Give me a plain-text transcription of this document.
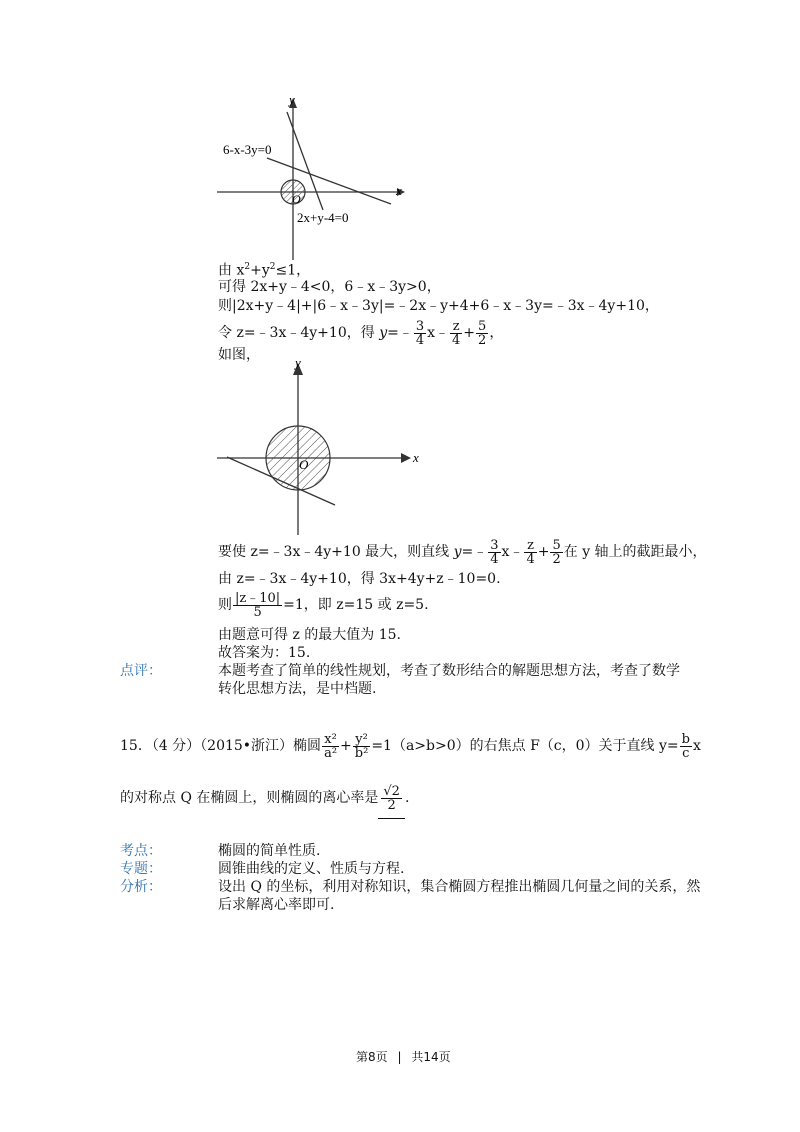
x
y
O
6-x-3y=0
2x+y-4=0
由 $x^2+y^2\le 1$，
可得 2x+y﹣4<0，6﹣x﹣3y>0，
则|2x+y﹣4|+|6﹣x﹣3y|=﹣2x﹣y+4+6﹣x﹣3y=﹣3x﹣4y+10，
令 z=﹣3x﹣4y+10，得 y=﹣ $\frac{3}{4}$ x﹣ $\frac{z}{4} + \frac{5}{2}$ ，
如图，
x
y
O
要使 z=﹣3x﹣4y+10 最大，则直线 y=﹣ $\frac{3}{4}$ x﹣ $\frac{z}{4} + \frac{5}{2}$ 在 y 轴上的截距最小，
由 z=﹣3x﹣4y+10，得 3x+4y+z﹣10=0.
则 $\frac{|z﹣10|}{5} =1$，即 z=15 或 z=5.
由题意可得 z 的最大值为 15.
故答案为：15.
点评：	本题考查了简单的线性规划，考查了数形结合的解题思想方法，考查了数学
转化思想方法，是中档题.
15．（4 分）（2015•浙江）椭圆 $\frac{\text{x²}}{\text{a²}} + \frac{\text{y²}}{\text{b²}} =1(a>b>0)$的右焦点 F（c，0）关于直线 $y= \frac{b}{c}$ x
的对称点 Q 在椭圆上，则椭圆的离心率是 $\frac{√2}{2}$ .
考点：	椭圆的简单性质.
专题：	圆锥曲线的定义、性质与方程.
分析：	设出 Q 的坐标，利用对称知识，集合椭圆方程推出椭圆几何量之间的关系，然
后求解离心率即可.
第8页 | 共14页
